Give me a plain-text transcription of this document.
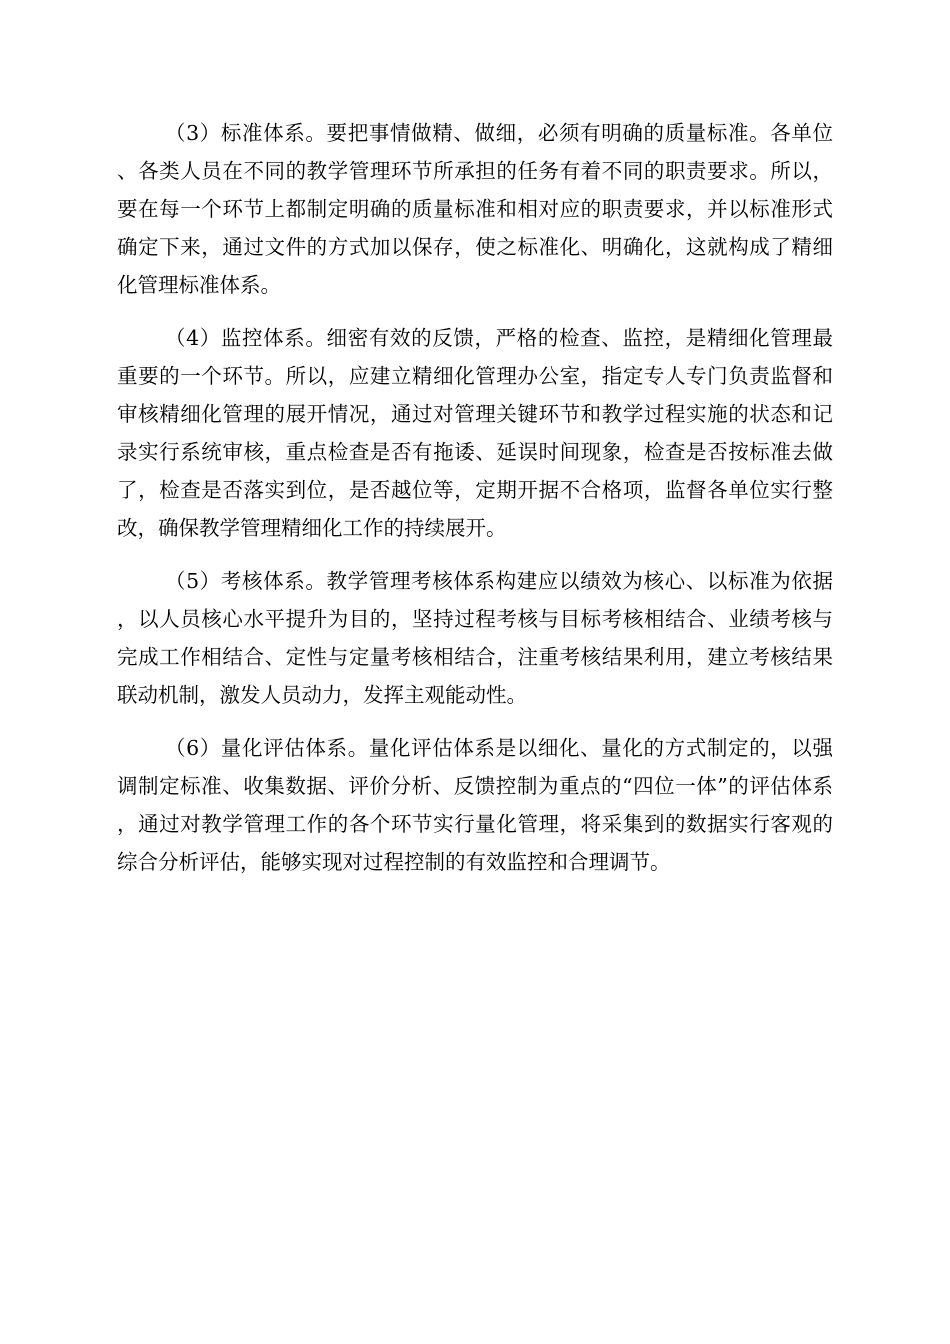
（3）标准体系。要把事情做精、做细，必须有明确的质量标准。各单位、各类人员在不同的教学管理环节所承担的任务有着不同的职责要求。所以，要在每一个环节上都制定明确的质量标准和相对应的职责要求，并以标准形式确定下来，通过文件的方式加以保存，使之标准化、明确化，这就构成了精细化管理标准体系。

（4）监控体系。细密有效的反馈，严格的检查、监控，是精细化管理最重要的一个环节。所以，应建立精细化管理办公室，指定专人专门负责监督和审核精细化管理的展开情况，通过对管理关键环节和教学过程实施的状态和记录实行系统审核，重点检查是否有拖诿、延误时间现象，检查是否按标准去做了，检查是否落实到位，是否越位等，定期开据不合格项，监督各单位实行整改，确保教学管理精细化工作的持续展开。

（5）考核体系。教学管理考核体系构建应以绩效为核心、以标准为依据，以人员核心水平提升为目的，坚持过程考核与目标考核相结合、业绩考核与完成工作相结合、定性与定量考核相结合，注重考核结果利用，建立考核结果联动机制，激发人员动力，发挥主观能动性。

（6）量化评估体系。量化评估体系是以细化、量化的方式制定的，以强调制定标准、收集数据、评价分析、反馈控制为重点的“四位一体”的评估体系，通过对教学管理工作的各个环节实行量化管理，将采集到的数据实行客观的综合分析评估，能够实现对过程控制的有效监控和合理调节。
